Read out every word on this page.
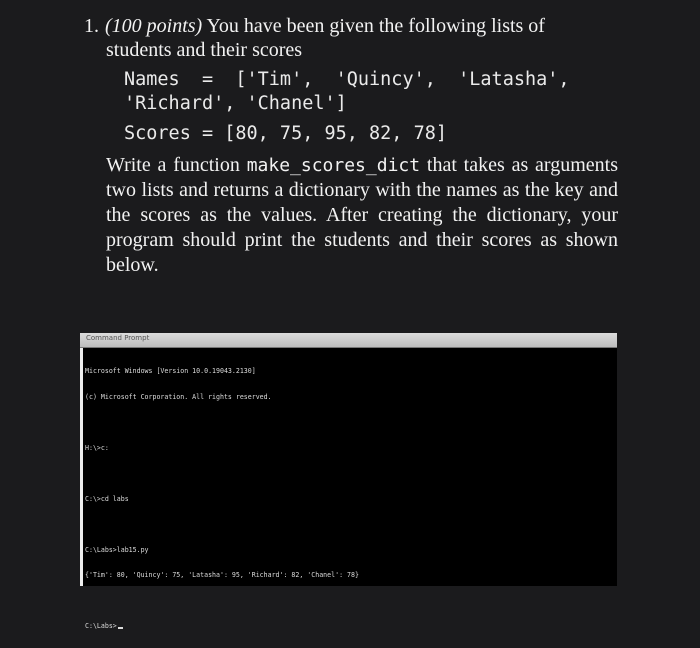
1. (100 points) You have been given the following lists of
students and their scores
Names  =  ['Tim',  'Quincy',  'Latasha',
'Richard', 'Chanel']
Scores = [80, 75, 95, 82, 78]
Write a function make_scores_dict that takes as arguments two lists and returns a dictionary with the names as the key and the scores as the values. After creating the dictionary, your program should print the students and their scores as shown below.
Command Prompt

Microsoft Windows [Version 10.0.19043.2130]

(c) Microsoft Corporation. All rights reserved.

H:\>c:

C:\>cd labs

C:\Labs>lab15.py

{'Tim': 80, 'Quincy': 75, 'Latasha': 95, 'Richard': 82, 'Chanel': 78}

C:\Labs>
